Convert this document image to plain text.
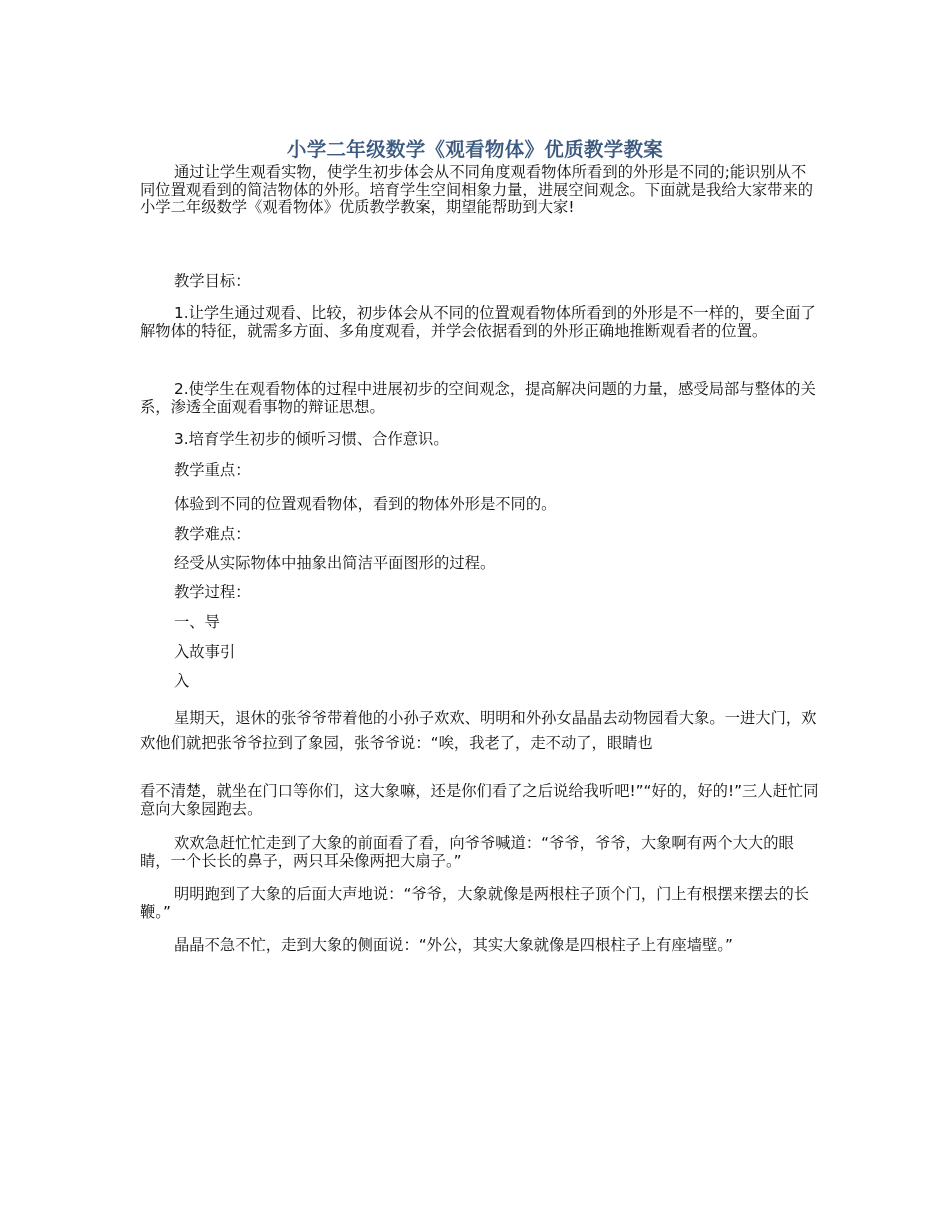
小学二年级数学《观看物体》优质教学教案

通过让学生观看实物，使学生初步体会从不同角度观看物体所看到的外形是不同的;能识别从不同位置观看到的简洁物体的外形。培育学生空间相象力量，进展空间观念。下面就是我给大家带来的小学二年级数学《观看物体》优质教学教案，期望能帮助到大家!

教学目标：

1.让学生通过观看、比较，初步体会从不同的位置观看物体所看到的外形是不一样的，要全面了解物体的特征，就需多方面、多角度观看，并学会依据看到的外形正确地推断观看者的位置。

2.使学生在观看物体的过程中进展初步的空间观念，提高解决问题的力量，感受局部与整体的关系，渗透全面观看事物的辩证思想。

3.培育学生初步的倾听习惯、合作意识。

教学重点：

体验到不同的位置观看物体，看到的物体外形是不同的。

教学难点：

经受从实际物体中抽象出简洁平面图形的过程。

教学过程：

一、导

入故事引

入

星期天，退休的张爷爷带着他的小孙子欢欢、明明和外孙女晶晶去动物园看大象。一进大门，欢欢他们就把张爷爷拉到了象园，张爷爷说：“唉，我老了，走不动了，眼睛也

看不清楚，就坐在门口等你们，这大象嘛，还是你们看了之后说给我听吧!”“好的，好的!”三人赶忙同意向大象园跑去。

欢欢急赶忙忙走到了大象的前面看了看，向爷爷喊道：“爷爷，爷爷，大象啊有两个大大的眼睛，一个长长的鼻子，两只耳朵像两把大扇子。”

明明跑到了大象的后面大声地说：“爷爷，大象就像是两根柱子顶个门，门上有根摆来摆去的长鞭。”

晶晶不急不忙，走到大象的侧面说：“外公，其实大象就像是四根柱子上有座墙壁。”
